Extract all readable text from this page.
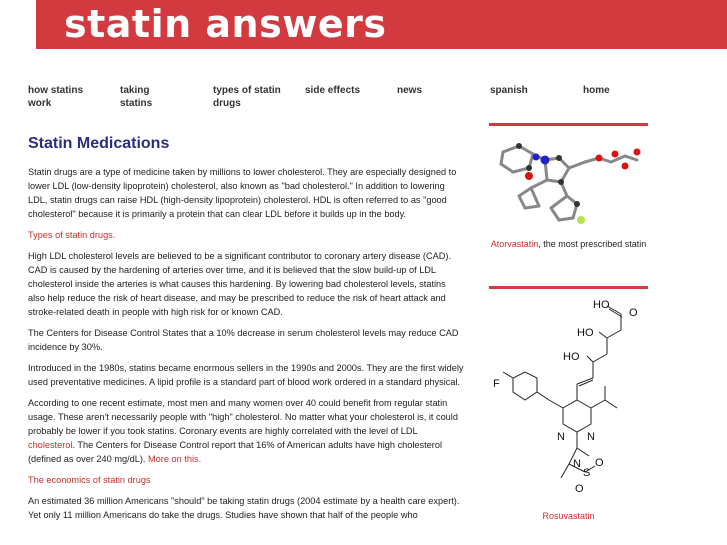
statin answers
how statins
work
taking
statins
types of statin
drugs
side effects	news	spanish	home
Statin Medications

Statin drugs are a type of medicine taken by millions to lower cholesterol. They are especially designed to lower LDL (low-density lipoprotein) cholesterol, also known as "bad cholesterol." In addition to lowering LDL, statin drugs can raise HDL (high-density lipoprotein) cholesterol. HDL is often referred to as "good cholesterol" because it is primarily a protein that can clear LDL before it builds up in the body.

Types of statin drugs.

High LDL cholesterol levels are believed to be a significant contributor to coronary artery disease (CAD). CAD is caused by the hardening of arteries over time, and it is believed that the slow build-up of LDL cholesterol inside the arteries is what causes this hardening. By lowering bad cholesterol levels, statins also help reduce the risk of heart disease, and may be prescribed to reduce the risk of heart attack and stroke-related death in people with high risk for or known CAD.

The Centers for Disease Control States that a 10% decrease in serum cholesterol levels may reduce CAD incidence by 30%.

Introduced in the 1980s, statins became enormous sellers in the 1990s and 2000s. They are the first widely used preventative medicines. A lipid profile is a standard part of blood work ordered in a standard physical.

According to one recent estimate, most men and many women over 40 could benefit from regular statin usage. These aren't necessarily people with "high" cholesterol. No matter what your cholesterol is, it could probably be lower if you took statins. Coronary events are highly correlated with the level of LDL cholesterol. The Centers for Disease Control report that 16% of American adults have high cholesterol (defined as over 240 mg/dL). More on this.

The economics of statin drugs

An estimated 36 million Americans "should" be taking statin drugs (2004 estimate by a health care expert). Yet only 11 million Americans do take the drugs. Studies have shown that half of the people who

Atorvastatin, the most prescribed statin
HO
O
HO
HO
F
N N
N
S
O
O
Rosuvastatin
